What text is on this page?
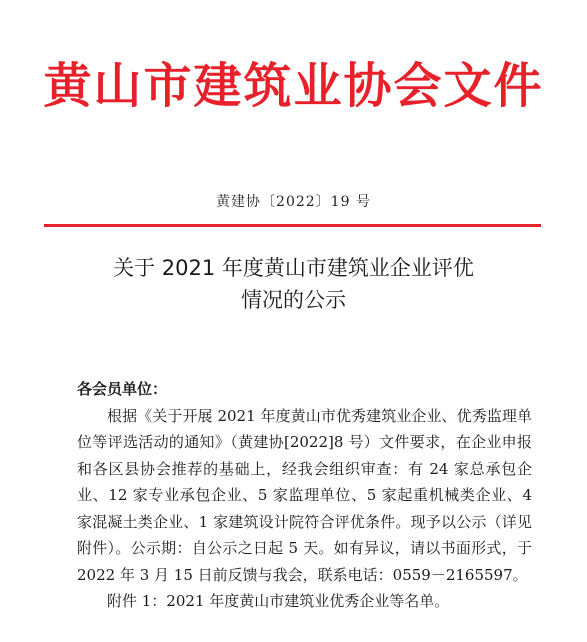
黄山市建筑业协会文件
黄建协〔2022〕19 号
关于 2021 年度黄山市建筑业企业评优
情况的公示
各会员单位：
根据《关于开展 2021 年度黄山市优秀建筑业企业、优秀监理单位等评选活动的通知》（黄建协[2022]8 号）文件要求，在企业申报和各区县协会推荐的基础上，经我会组织审查：有 24 家总承包企业、12 家专业承包企业、5 家监理单位、5 家起重机械类企业、4 家混凝土类企业、1 家建筑设计院符合评优条件。现予以公示（详见附件）。公示期：自公示之日起 5 天。如有异议，请以书面形式，于 2022 年 3 月 15 日前反馈与我会，联系电话：0559－2165597。
附件 1：2021 年度黄山市建筑业优秀企业等名单。
